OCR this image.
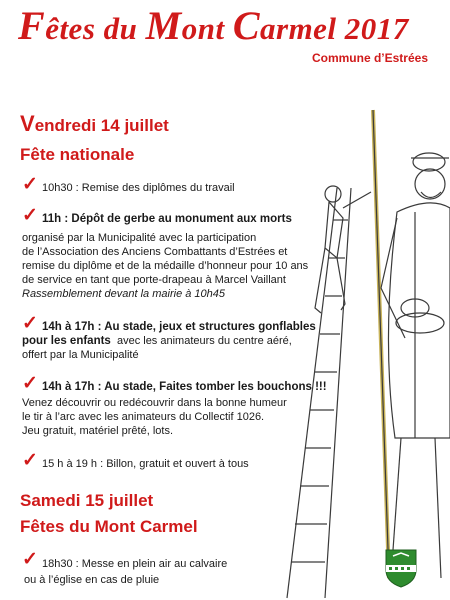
Fêtes du Mont Carmel 2017
Commune d’Estrées
Vendredi 14 juillet
Fête nationale
✓ 10h30 : Remise des diplômes du travail
✓ 11h : Dépôt de gerbe au monument aux morts
organisé par la Municipalité avec la participation
de l’Association des Anciens Combattants d’Estrées et
remise du diplôme et de la médaille d’honneur pour 10 ans
de service en tant que porte-drapeau à Marcel Vaillant
Rassemblement devant la mairie à 10h45
✓ 14h à 17h : Au stade, jeux et structures gonflables
pour les enfants avec les animateurs du centre aéré,
offert par la Municipalité
✓ 14h à 17h : Au stade, Faites tomber les bouchons !!!
Venez découvrir ou redécouvrir dans la bonne humeur
le tir à l’arc avec les animateurs du Collectif 1026.
Jeu gratuit, matériel prêté, lots.
✓ 15 h à 19 h : Billon, gratuit et ouvert à tous
Samedi 15 juillet
Fêtes du Mont Carmel
✓ 18h30 : Messe en plein air au calvaire
ou à l’église en cas de pluie
